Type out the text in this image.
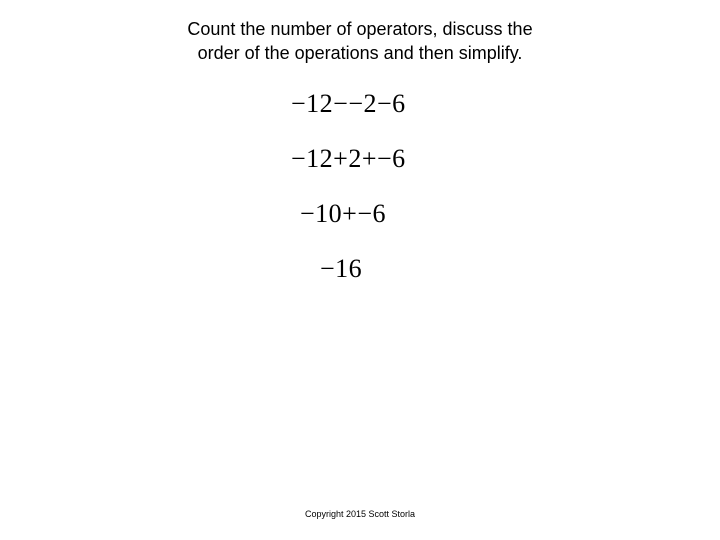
Count the number of operators, discuss the
order of the operations and then simplify.
−12−−2−6
−12+2+−6
−10+−6
−16
Copyright 2015 Scott Storla
